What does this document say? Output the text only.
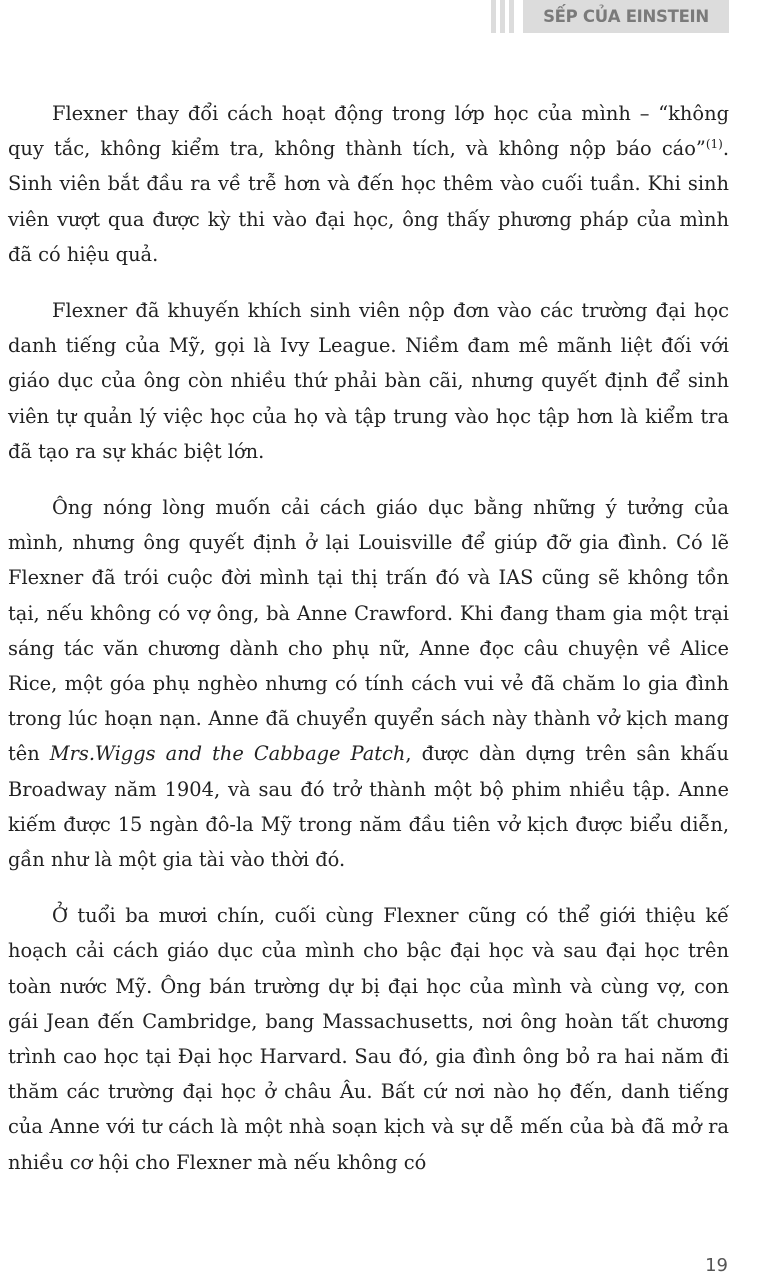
SẾP CỦA EINSTEIN

Flexner thay đổi cách hoạt động trong lớp học của mình – “không quy tắc, không kiểm tra, không thành tích, và không nộp báo cáo”$^{(1)}$. Sinh viên bắt đầu ra về trễ hơn và đến học thêm vào cuối tuần. Khi sinh viên vượt qua được kỳ thi vào đại học, ông thấy phương pháp của mình đã có hiệu quả.

Flexner đã khuyến khích sinh viên nộp đơn vào các trường đại học danh tiếng của Mỹ, gọi là Ivy League. Niềm đam mê mãnh liệt đối với giáo dục của ông còn nhiều thứ phải bàn cãi, nhưng quyết định để sinh viên tự quản lý việc học của họ và tập trung vào học tập hơn là kiểm tra đã tạo ra sự khác biệt lớn.

Ông nóng lòng muốn cải cách giáo dục bằng những ý tưởng của mình, nhưng ông quyết định ở lại Louisville để giúp đỡ gia đình. Có lẽ Flexner đã trói cuộc đời mình tại thị trấn đó và IAS cũng sẽ không tồn tại, nếu không có vợ ông, bà Anne Crawford. Khi đang tham gia một trại sáng tác văn chương dành cho phụ nữ, Anne đọc câu chuyện về Alice Rice, một góa phụ nghèo nhưng có tính cách vui vẻ đã chăm lo gia đình trong lúc hoạn nạn. Anne đã chuyển quyển sách này thành vở kịch mang tên Mrs.Wiggs and the Cabbage Patch, được dàn dựng trên sân khấu Broadway năm 1904, và sau đó trở thành một bộ phim nhiều tập. Anne kiếm được 15 ngàn đô-la Mỹ trong năm đầu tiên vở kịch được biểu diễn, gần như là một gia tài vào thời đó.

Ở tuổi ba mươi chín, cuối cùng Flexner cũng có thể giới thiệu kế hoạch cải cách giáo dục của mình cho bậc đại học và sau đại học trên toàn nước Mỹ. Ông bán trường dự bị đại học của mình và cùng vợ, con gái Jean đến Cambridge, bang Massachusetts, nơi ông hoàn tất chương trình cao học tại Đại học Harvard. Sau đó, gia đình ông bỏ ra hai năm đi thăm các trường đại học ở châu Âu. Bất cứ nơi nào họ đến, danh tiếng của Anne với tư cách là một nhà soạn kịch và sự dễ mến của bà đã mở ra nhiều cơ hội cho Flexner mà nếu không có

19
